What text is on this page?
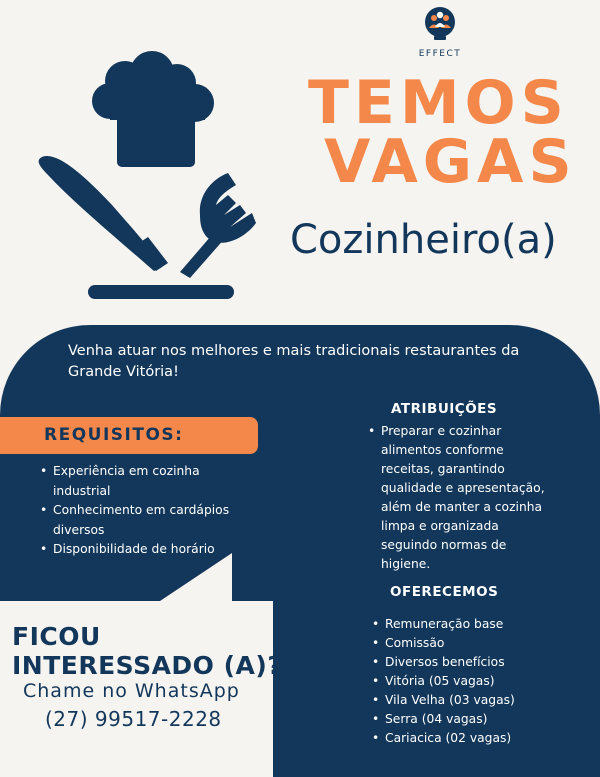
EFFECT
TEMOS
VAGAS
Cozinheiro(a)
Venha atuar nos melhores e mais tradicionais restaurantes da Grande Vitória!
REQUISITOS:
• Experiência em cozinha industrial
• Conhecimento em cardápios diversos
• Disponibilidade de horário
ATRIBUIÇÕES
• Preparar e cozinhar alimentos conforme receitas, garantindo qualidade e apresentação, além de manter a cozinha limpa e organizada seguindo normas de higiene.
OFERECEMOS
• Remuneração base
• Comissão
• Diversos benefícios
• Vitória (05 vagas)
• Vila Velha (03 vagas)
• Serra (04 vagas)
• Cariacica (02 vagas)
FICOU
INTERESSADO (A)?
Chame no WhatsApp
(27) 99517-2228
